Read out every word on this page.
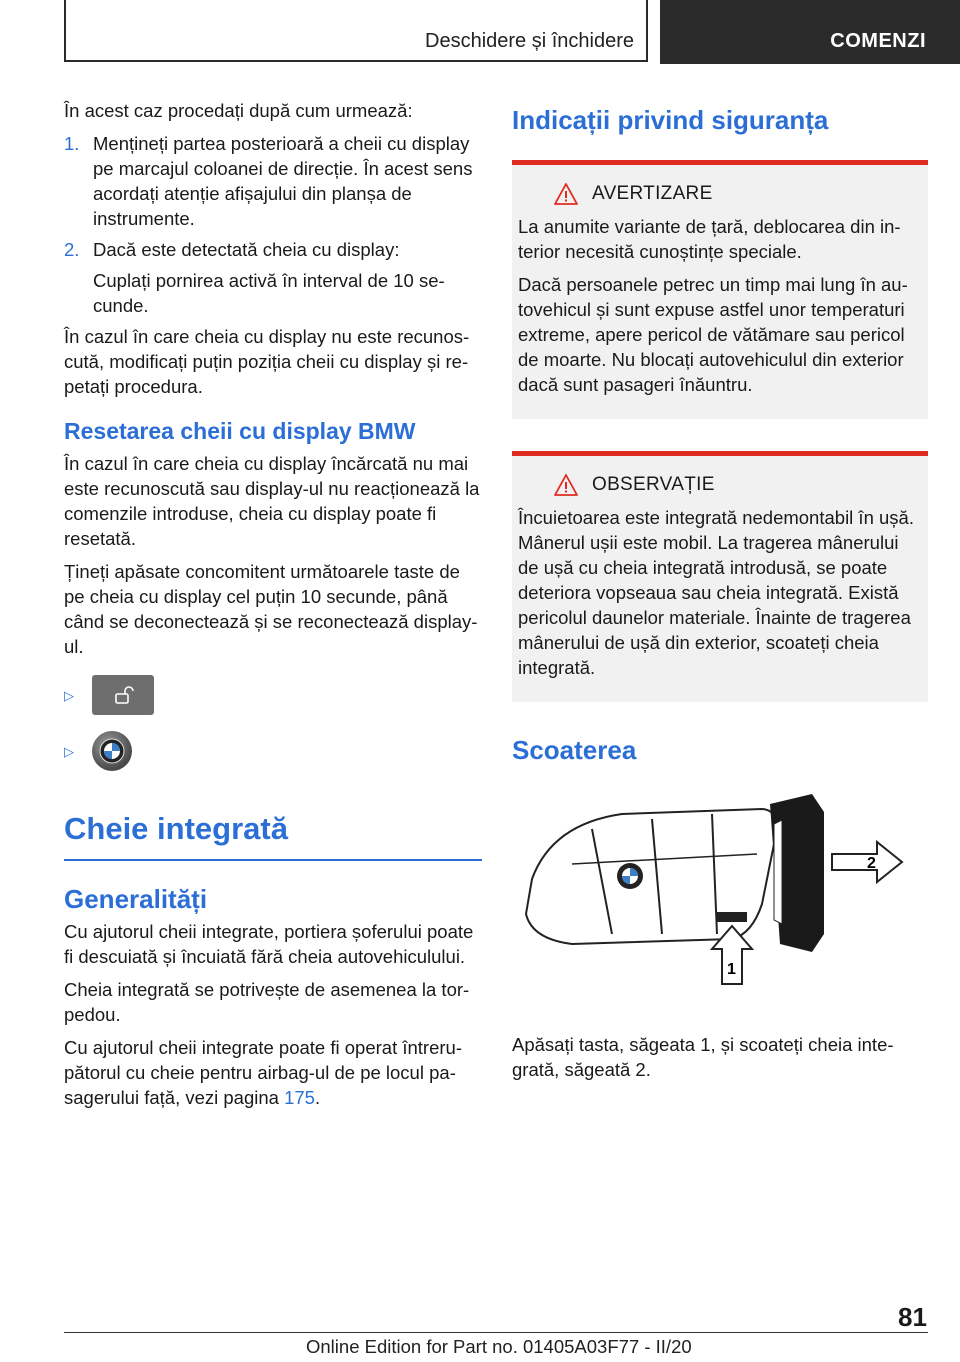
Deschidere și închidere	COMENZI

În acest caz procedați după cum urmează:

1. Mențineți partea posterioară a cheii cu display pe marcajul coloanei de direcție. În acest sens acordați atenție afișajului din planșa de instrumente.
2. Dacă este detectată cheia cu display:
Cuplați pornirea activă în interval de 10 secunde.

În cazul în care cheia cu display nu este recunoscută, modificați puțin poziția cheii cu display și repetați procedura.

Resetarea cheii cu display BMW

În cazul în care cheia cu display încărcată nu mai este recunoscută sau display-ul nu reacționează la comenzile introduse, cheia cu display poate fi resetată.

Țineți apăsate concomitent următoarele taste de pe cheia cu display cel puțin 10 secunde, până când se deconectează și se reconectează display-ul.

▷
▷
Cheie integrată
Generalități

Cu ajutorul cheii integrate, portiera șoferului poate fi descuiată și încuiată fără cheia autovehiculului.

Cheia integrată se potrivește de asemenea la torpedou.

Cu ajutorul cheii integrate poate fi operat întrerupătorul cu cheie pentru airbag-ul de pe locul pasagerului față, vezi pagina 175.

Indicații privind siguranța
AVERTIZARE

La anumite variante de țară, deblocarea din interior necesită cunoștințe speciale.

Dacă persoanele petrec un timp mai lung în autovehicul și sunt expuse astfel unor temperaturi extreme, apere pericol de vătămare sau pericol de moarte. Nu blocați autovehiculul din exterior dacă sunt pasageri înăuntru.

OBSERVAȚIE

Încuietoarea este integrată nedemontabil în ușă. Mânerul ușii este mobil. La tragerea mânerului de ușă cu cheia integrată introdusă, se poate deteriora vopseaua sau cheia integrată. Există pericolul daunelor materiale. Înainte de tragerea mânerului de ușă din exterior, scoateți cheia integrată.

Scoaterea
2
1

Apăsați tasta, săgeata 1, și scoateți cheia integrată, săgeată 2.

81
Online Edition for Part no. 01405A03F77 - II/20
